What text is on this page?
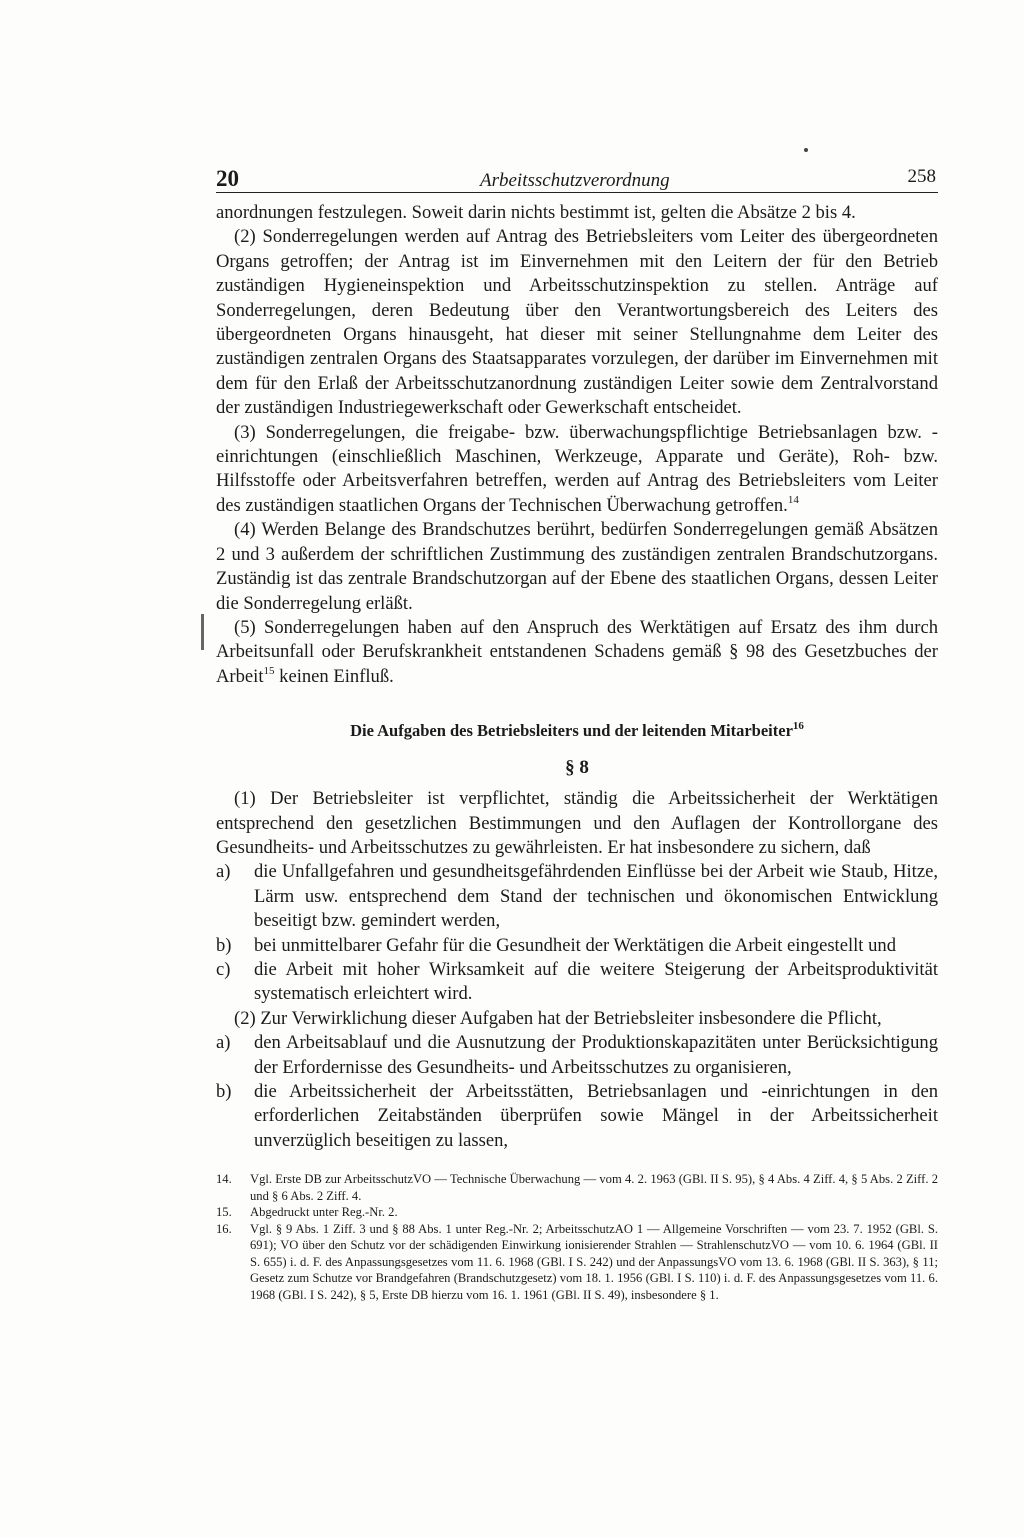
20	Arbeitsschutzverordnung	258

anordnungen festzulegen. Soweit darin nichts bestimmt ist, gelten die Absätze 2 bis 4.

(2) Sonderregelungen werden auf Antrag des Betriebsleiters vom Leiter des übergeordneten Organs getroffen; der Antrag ist im Einvernehmen mit den Leitern der für den Betrieb zuständigen Hygieneinspektion und Arbeitsschutzinspektion zu stellen. Anträge auf Sonderregelungen, deren Bedeutung über den Verantwortungsbereich des Leiters des übergeordneten Organs hinausgeht, hat dieser mit seiner Stellungnahme dem Leiter des zuständigen zentralen Organs des Staatsapparates vorzulegen, der darüber im Einvernehmen mit dem für den Erlaß der Arbeitsschutzanordnung zuständigen Leiter sowie dem Zentralvorstand der zuständigen Industriegewerkschaft oder Gewerkschaft entscheidet.

(3) Sonderregelungen, die freigabe- bzw. überwachungspflichtige Betriebsanlagen bzw. -einrichtungen (einschließlich Maschinen, Werkzeuge, Apparate und Geräte), Roh- bzw. Hilfsstoffe oder Arbeitsverfahren betreffen, werden auf Antrag des Betriebsleiters vom Leiter des zuständigen staatlichen Organs der Technischen Überwachung getroffen.$^{14}$

(4) Werden Belange des Brandschutzes berührt, bedürfen Sonderregelungen gemäß Absätzen 2 und 3 außerdem der schriftlichen Zustimmung des zuständigen zentralen Brandschutzorgans. Zuständig ist das zentrale Brandschutzorgan auf der Ebene des staatlichen Organs, dessen Leiter die Sonderregelung erläßt.

(5) Sonderregelungen haben auf den Anspruch des Werktätigen auf Ersatz des ihm durch Arbeitsunfall oder Berufskrankheit entstandenen Schadens gemäß § 98 des Gesetzbuches der Arbeit$^{15}$ keinen Einfluß.

Die Aufgaben des Betriebsleiters und der leitenden Mitarbeiter$^{16}$
§ 8

(1) Der Betriebsleiter ist verpflichtet, ständig die Arbeitssicherheit der Werktätigen entsprechend den gesetzlichen Bestimmungen und den Auflagen der Kontrollorgane des Gesundheits- und Arbeitsschutzes zu gewährleisten. Er hat insbesondere zu sichern, daß

a)	die Unfallgefahren und gesundheitsgefährdenden Einflüsse bei der Arbeit wie Staub, Hitze, Lärm usw. entsprechend dem Stand der technischen und ökonomischen Entwicklung beseitigt bzw. gemindert werden,
b)	bei unmittelbarer Gefahr für die Gesundheit der Werktätigen die Arbeit eingestellt und
c)	die Arbeit mit hoher Wirksamkeit auf die weitere Steigerung der Arbeitsproduktivität systematisch erleichtert wird.

(2) Zur Verwirklichung dieser Aufgaben hat der Betriebsleiter insbesondere die Pflicht,

a)	den Arbeitsablauf und die Ausnutzung der Produktionskapazitäten unter Berücksichtigung der Erfordernisse des Gesundheits- und Arbeitsschutzes zu organisieren,
b)	die Arbeitssicherheit der Arbeitsstätten, Betriebsanlagen und -einrichtungen in den erforderlichen Zeitabständen überprüfen sowie Mängel in der Arbeitssicherheit unverzüglich beseitigen zu lassen,
14.	Vgl. Erste DB zur ArbeitsschutzVO — Technische Überwachung — vom 4. 2. 1963 (GBl. II S. 95), § 4 Abs. 4 Ziff. 4, § 5 Abs. 2 Ziff. 2 und § 6 Abs. 2 Ziff. 4.
15.	Abgedruckt unter Reg.-Nr. 2.
16.	Vgl. § 9 Abs. 1 Ziff. 3 und § 88 Abs. 1 unter Reg.-Nr. 2; ArbeitsschutzAO 1 — Allgemeine Vorschriften — vom 23. 7. 1952 (GBl. S. 691); VO über den Schutz vor der schädigenden Einwirkung ionisierender Strahlen — StrahlenschutzVO — vom 10. 6. 1964 (GBl. II S. 655) i. d. F. des Anpassungsgesetzes vom 11. 6. 1968 (GBl. I S. 242) und der AnpassungsVO vom 13. 6. 1968 (GBl. II S. 363), § 11; Gesetz zum Schutze vor Brandgefahren (Brandschutzgesetz) vom 18. 1. 1956 (GBl. I S. 110) i. d. F. des Anpassungsgesetzes vom 11. 6. 1968 (GBl. I S. 242), § 5, Erste DB hierzu vom 16. 1. 1961 (GBl. II S. 49), insbesondere § 1.
